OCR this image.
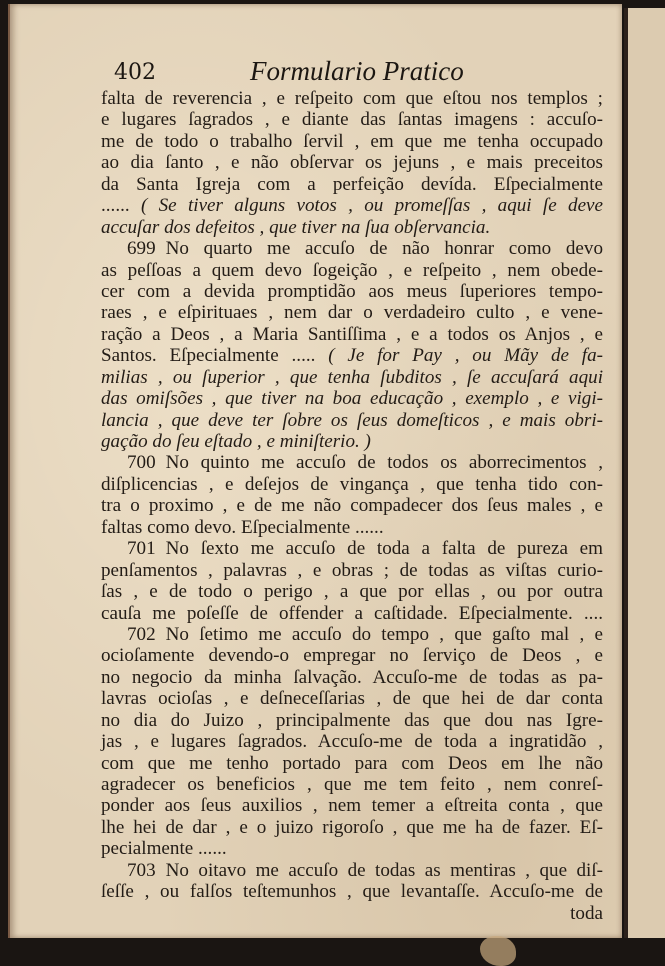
402	Formulario Pratico
falta de reverencia , e reſpeito com que eſtou nos templos ;
e lugares ſagrados , e diante das ſantas imagens : accuſo-
me de todo o trabalho ſervil , em que me tenha occupado
ao dia ſanto , e não obſervar os jejuns , e mais preceitos
da Santa Igreja com a perfeição devída. Eſpecialmente
...... ( Se tiver alguns votos , ou promeſſas , aqui ſe deve
accuſar dos defeitos , que tiver na ſua obſervancia.
699 No quarto me accuſo de não honrar como devo
as peſſoas a quem devo ſogeição , e reſpeito , nem obede-
cer com a devida promptidão aos meus ſuperiores tempo-
raes , e eſpirituaes , nem dar o verdadeiro culto , e vene-
ração a Deos , a Maria Santiſſima , e a todos os Anjos , e
Santos. Eſpecialmente ..... ( Je for Pay , ou Mãy de fa-
milias , ou ſuperior , que tenha ſubditos , ſe accuſará aqui
das omiſsões , que tiver na boa educação , exemplo , e vigi-
lancia , que deve ter ſobre os ſeus domeſticos , e mais obri-
gação do ſeu eſtado , e miniſterio. )
700 No quinto me accuſo de todos os aborrecimentos ,
diſplicencias , e deſejos de vingança , que tenha tido con-
tra o proximo , e de me não compadecer dos ſeus males , e
faltas como devo. Eſpecialmente ......
701 No ſexto me accuſo de toda a falta de pureza em
penſamentos , palavras , e obras ; de todas as viſtas curio-
ſas , e de todo o perigo , a que por ellas , ou por outra
cauſa me poſeſſe de offender a caſtidade. Eſpecialmente. ....
702 No ſetimo me accuſo do tempo , que gaſto mal , e
ocioſamente devendo-o empregar no ſerviço de Deos , e
no negocio da minha ſalvação. Accuſo-me de todas as pa-
lavras ocioſas , e deſneceſſarias , de que hei de dar conta
no dia do Juizo , principalmente das que dou nas Igre-
jas , e lugares ſagrados. Accuſo-me de toda a ingratidão ,
com que me tenho portado para com Deos em lhe não
agradecer os beneficios , que me tem feito , nem conreſ-
ponder aos ſeus auxilios , nem temer a eſtreita conta , que
lhe hei de dar , e o juizo rigoroſo , que me ha de fazer. Eſ-
pecialmente ......
703 No oitavo me accuſo de todas as mentiras , que diſ-
ſeſſe , ou falſos teſtemunhos , que levantaſſe. Accuſo-me de
toda
